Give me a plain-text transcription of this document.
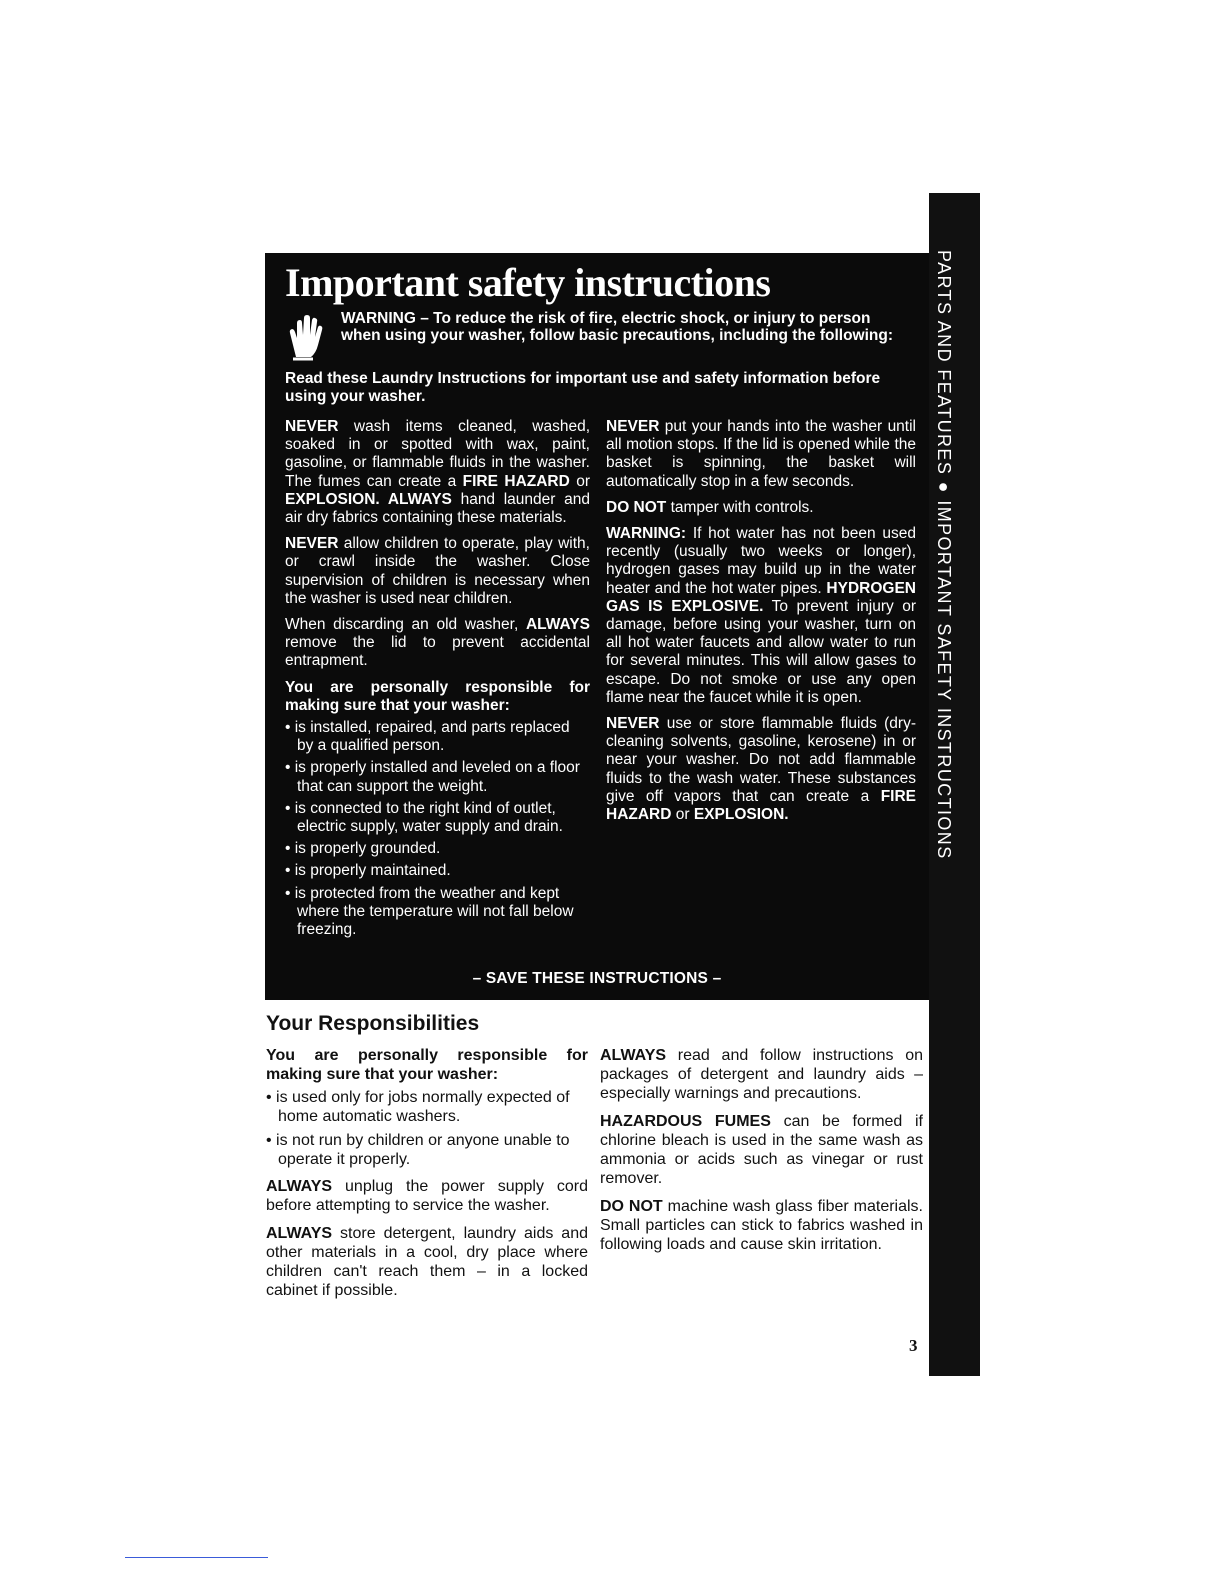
PARTS AND FEATURES ● IMPORTANT SAFETY INSTRUCTIONS
Important safety instructions

WARNING – To reduce the risk of fire, electric shock, or injury to person when using your washer, follow basic precautions, including the following:

Read these Laundry Instructions for important use and safety information before using your washer.

NEVER wash items cleaned, washed, soaked in or spotted with wax, paint, gasoline, or flammable fluids in the washer. The fumes can create a FIRE HAZARD or EXPLOSION. ALWAYS hand launder and air dry fabrics containing these materials.

NEVER allow children to operate, play with, or crawl inside the washer. Close supervision of children is necessary when the washer is used near children.

When discarding an old washer, ALWAYS remove the lid to prevent accidental entrapment.

You are personally responsible for making sure that your washer:

• is installed, repaired, and parts replaced by a qualified person.
• is properly installed and leveled on a floor that can support the weight.
• is connected to the right kind of outlet, electric supply, water supply and drain.
• is properly grounded.
• is properly maintained.
• is protected from the weather and kept where the temperature will not fall below freezing.

NEVER put your hands into the washer until all motion stops. If the lid is opened while the basket is spinning, the basket will automatically stop in a few seconds.

DO NOT tamper with controls.

WARNING: If hot water has not been used recently (usually two weeks or longer), hydrogen gases may build up in the water heater and the hot water pipes. HYDROGEN GAS IS EXPLOSIVE. To prevent injury or damage, before using your washer, turn on all hot water faucets and allow water to run for several minutes. This will allow gases to escape. Do not smoke or use any open flame near the faucet while it is open.

NEVER use or store flammable fluids (dry-cleaning solvents, gasoline, kerosene) in or near your washer. Do not add flammable fluids to the wash water. These substances give off vapors that can create a FIRE HAZARD or EXPLOSION.

– SAVE THESE INSTRUCTIONS –

Your Responsibilities

You are personally responsible for making sure that your washer:

• is used only for jobs normally expected of home automatic washers.
• is not run by children or anyone unable to operate it properly.

ALWAYS unplug the power supply cord before attempting to service the washer.

ALWAYS store detergent, laundry aids and other materials in a cool, dry place where children can't reach them – in a locked cabinet if possible.

ALWAYS read and follow instructions on packages of detergent and laundry aids – especially warnings and precautions.

HAZARDOUS FUMES can be formed if chlorine bleach is used in the same wash as ammonia or acids such as vinegar or rust remover.

DO NOT machine wash glass fiber materials. Small particles can stick to fabrics washed in following loads and cause skin irritation.

3
